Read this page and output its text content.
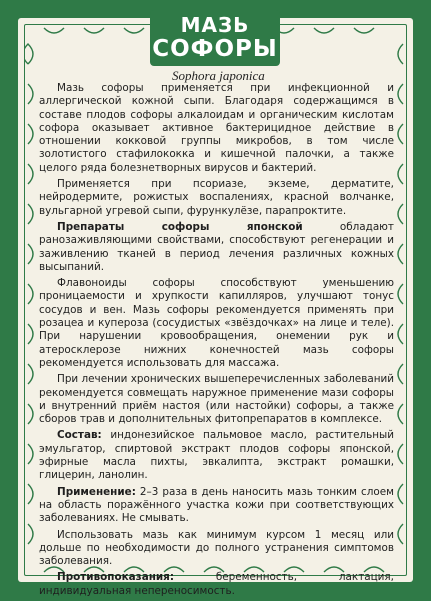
МАЗЬ
СОФОРЫ
Sophora japonica

Мазь софоры применяется при инфекционной и аллергической кожной сыпи. Благодаря содержащимся в составе плодов софоры алкалоидам и органическим кислотам софора оказывает активное бактерицидное действие в отношении кокковой группы микробов, в том числе золотистого стафилококка и кишечной палочки, а также целого ряда болезнетворных вирусов и бактерий.

Применяется при псориазе, экземе, дерматите, нейродермите, рожистых воспалениях, красной волчанке, вульгарной угревой сыпи, фурункулёзе, парапроктите.

Препараты софоры японской обладают ранозаживляющими свойствами, способствуют регенерации и заживлению тканей в период лечения различных кожных высыпаний.

Флавоноиды софоры способствуют уменьшению проницаемости и хрупкости капилляров, улучшают тонус сосудов и вен. Мазь софоры рекомендуется применять при розацеа и купероза (сосудистых «звёздочках» на лице и теле). При нарушении кровообращения, онемении рук и атеросклерозе нижних конечностей мазь софоры рекомендуется использовать для массажа.

При лечении хронических вышеперечисленных заболеваний рекомендуется совмещать наружное применение мази софоры и внутренний приём настоя (или настойки) софоры, а также сборов трав и дополнительных фитопрепаратов в комплексе.

Состав: индонезийское пальмовое масло, растительный эмульгатор, спиртовой экстракт плодов софоры японской, эфирные масла пихты, эвкалипта, экстракт ромашки, глицерин, ланолин.

Применение: 2–3 раза в день наносить мазь тонким слоем на область поражённого участка кожи при соответствующих заболеваниях. Не смывать.

Использовать мазь как минимум курсом 1 месяц или дольше по необходимости до полного устранения симптомов заболевания.

Противопоказания: беременность, лактация, индивидуальная непереносимость.
